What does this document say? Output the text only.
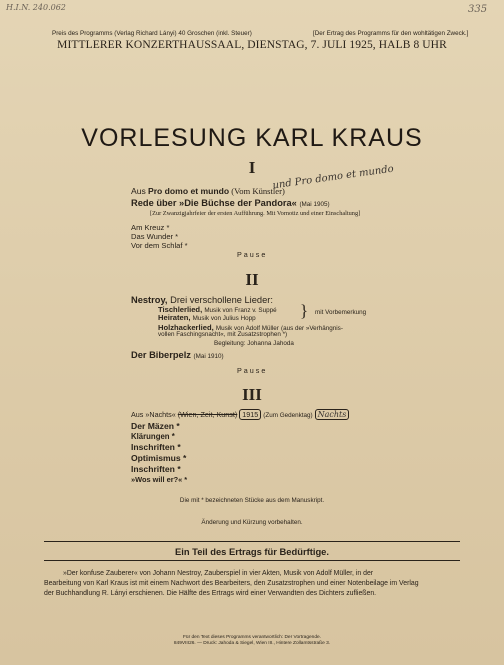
H.I.N. 240.062	335
Preis des Programms (Verlag Richard Lányi) 40 Groschen (inkl. Steuer)	[Der Ertrag des Programms für den wohltätigen Zweck.]
MITTLERER KONZERTHAUSSAAL, DIENSTAG, 7. JULI 1925, HALB 8 UHR
VORLESUNG KARL KRAUS
I
Aus Pro domo et mundo (Vom Künstler)
und Pro domo et mundo
Rede über »Die Büchse der Pandora« (Mai 1905)
[Zur Zwanzigjahrfeier der ersten Aufführung. Mit Vornotiz und einer Einschaltung]
Am Kreuz *
Das Wunder *
Vor dem Schlaf *
Pause
II
Nestroy, Drei verschollene Lieder:
Tischlerlied, Musik von Franz v. Suppé
Heiraten, Musik von Julius Hopp	} mit Vorbemerkung
Holzhackerlied, Musik von Adolf Müller (aus der »Verhängnis-
vollen Faschingsnacht«, mit Zusatzstrophen *)
Begleitung: Johanna Jahoda
Der Biberpelz (Mai 1910)
Pause
III
Aus »Nachts« (Wien, Zeit, Kunst) 1915 (Zum Gedenktag) Nachts
Der Mäzen *
Klärungen *
Inschriften *
Optimismus *
Inschriften *
»Wos will er?« *
Die mit * bezeichneten Stücke aus dem Manuskript.
Änderung und Kürzung vorbehalten.
Ein Teil des Ertrags für Bedürftige.
»Der konfuse Zauberer« von Johann Nestroy, Zauberspiel in vier Akten, Musik von Adolf Müller, in der
Bearbeitung von Karl Kraus ist mit einem Nachwort des Bearbeiters, den Zusatzstrophen und einer Notenbeilage im Verlag
der Buchhandlung R. Lányi erschienen. Die Hälfte des Ertrags wird einer Verwandten des Dichters zufließen.
Für den Text dieses Programms verantwortlich: Der Vortragende.
849VIII26. — Druck: Jahoda & Siegel, Wien III., Hintere Zollamtsstraße 3.
